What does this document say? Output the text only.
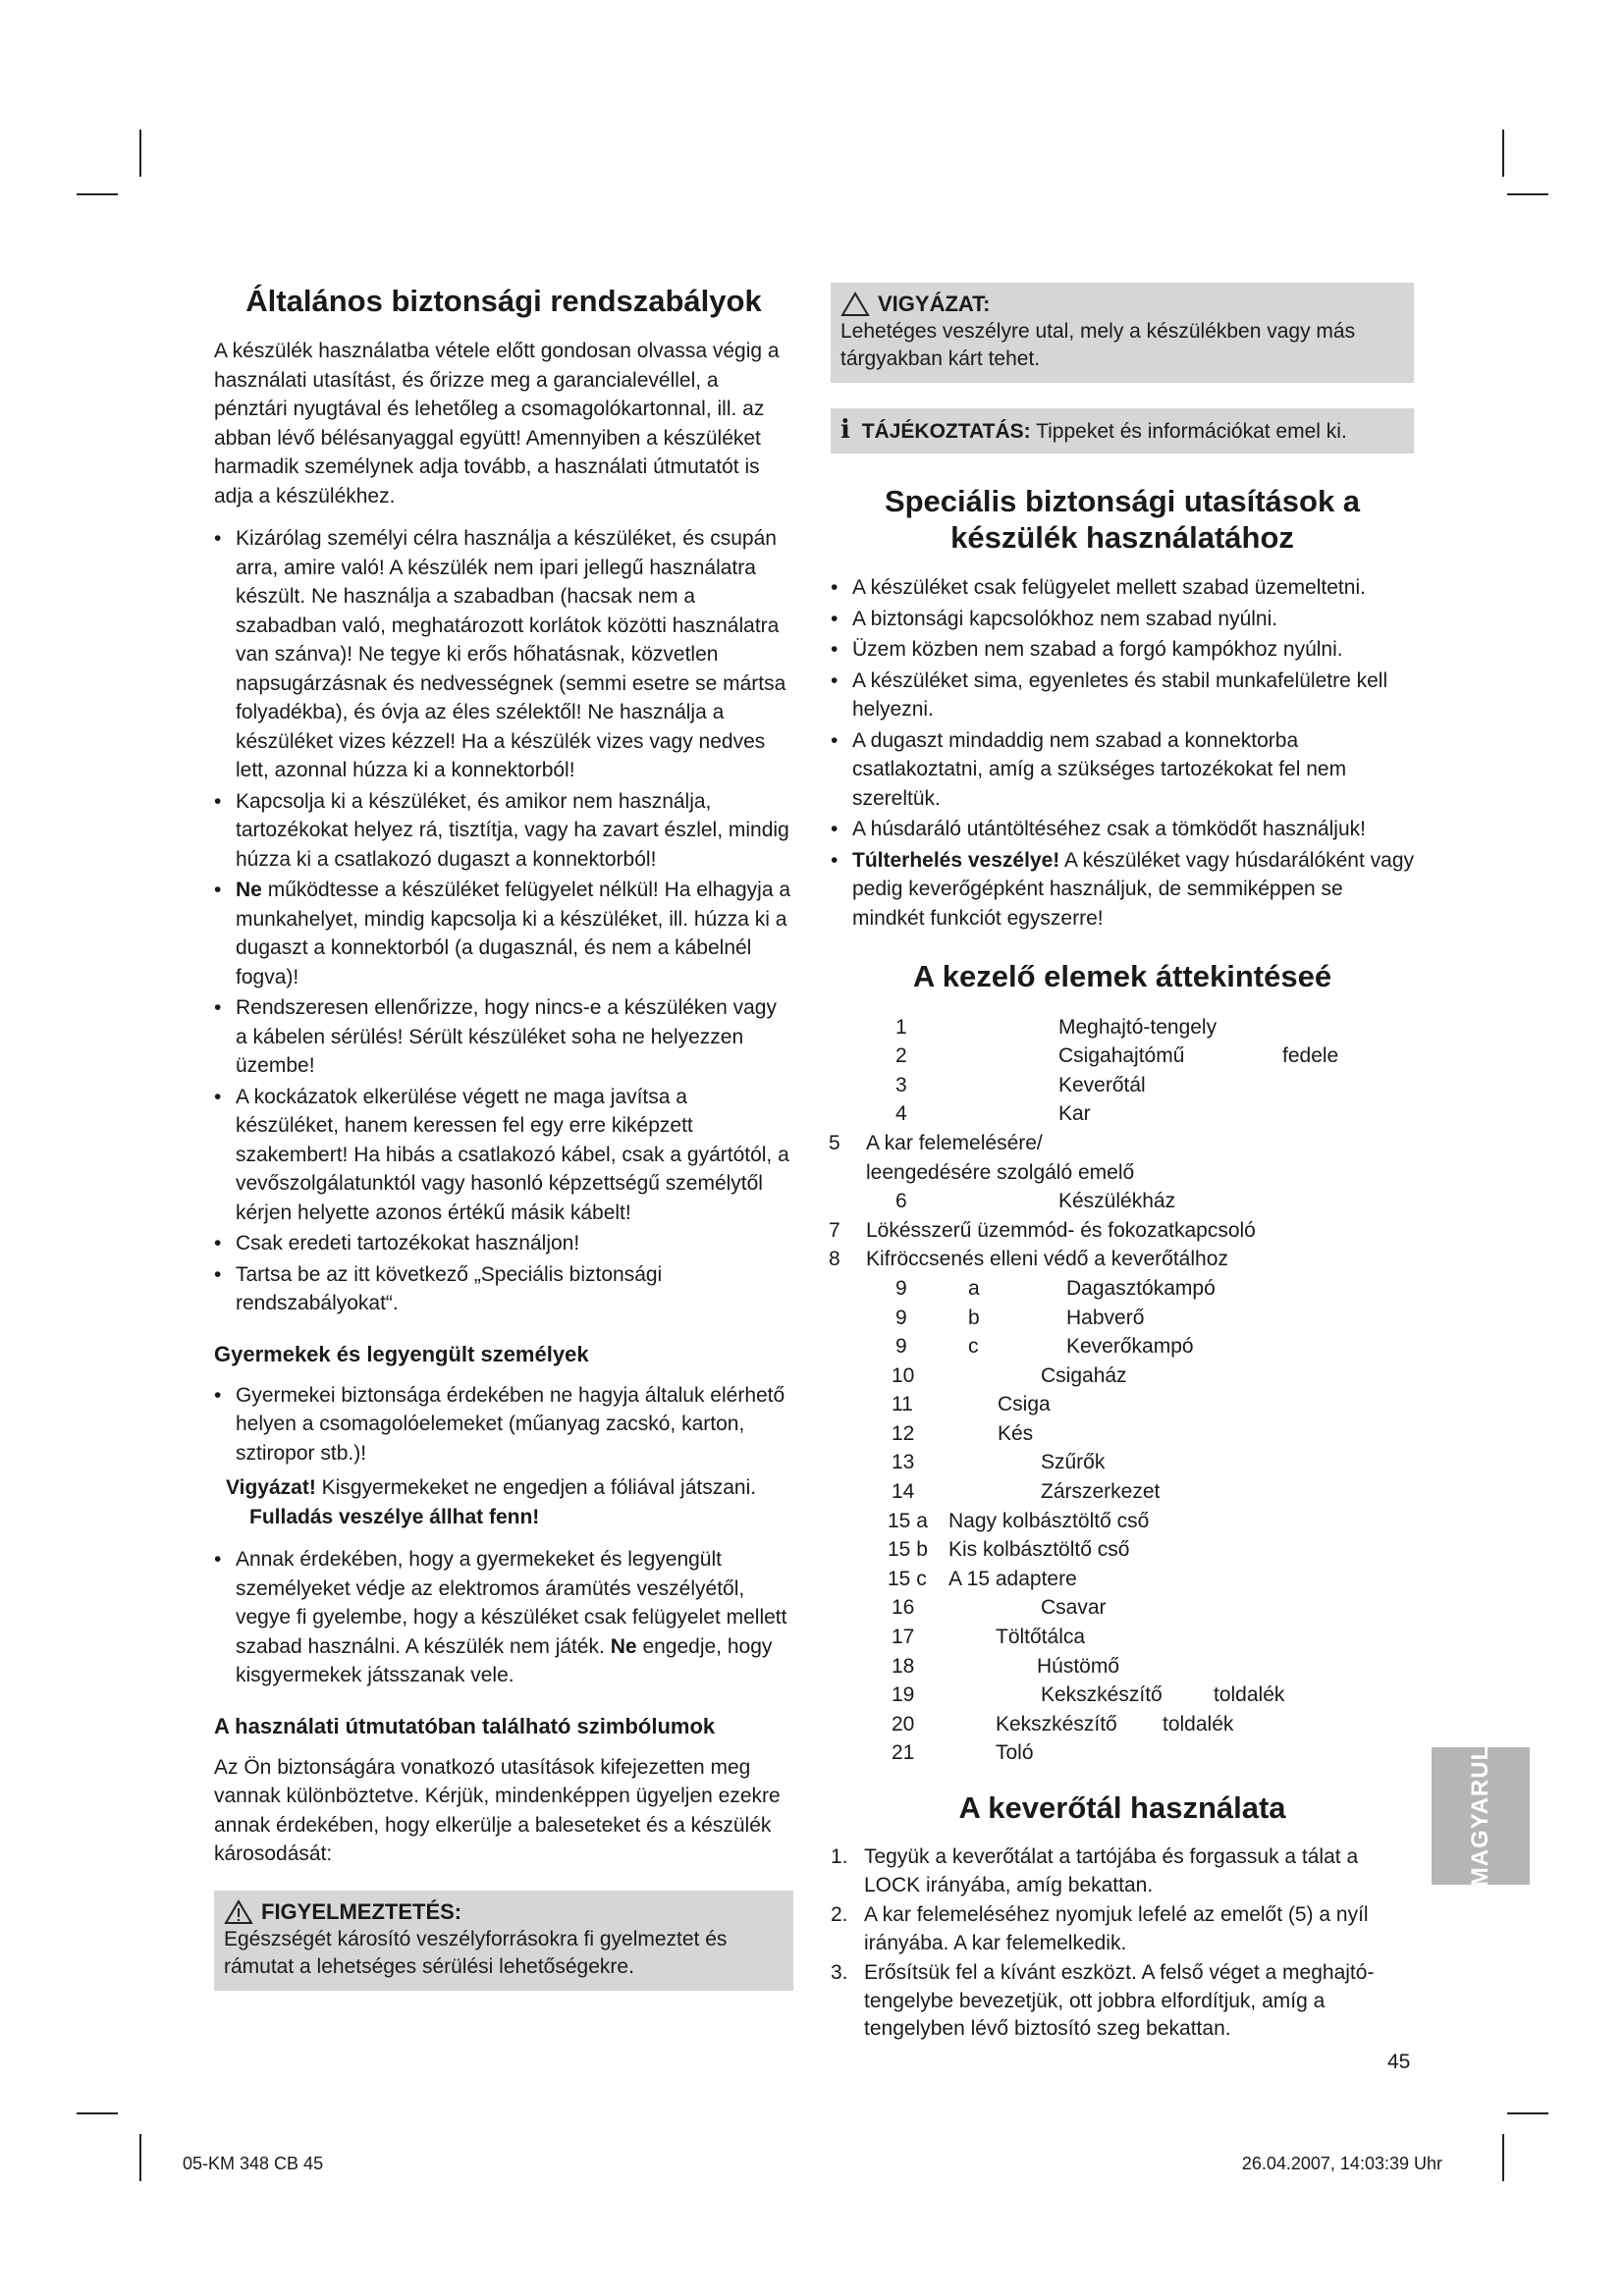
Általános biztonsági rendszabályok

A készülék használatba vétele előtt gondosan olvassa végig a használati utasítást, és őrizze meg a garancialevéllel, a pénztári nyugtával és lehetőleg a csomagolókartonnal, ill. az abban lévő bélésanyaggal együtt! Amennyiben a készüléket harmadik személynek adja tovább, a használati útmutatót is adja a készülékhez.

• Kizárólag személyi célra használja a készüléket, és csupán arra, amire való! A készülék nem ipari jellegű használatra készült. Ne használja a szabadban (hacsak nem a szabadban való, meghatározott korlátok közötti használatra van szánva)! Ne tegye ki erős hőhatásnak, közvetlen napsugárzásnak és nedvességnek (semmi esetre se mártsa folyadékba), és óvja az éles szélektől! Ne használja a készüléket vizes kézzel! Ha a készülék vizes vagy nedves lett, azonnal húzza ki a konnektorból!
• Kapcsolja ki a készüléket, és amikor nem használja, tartozékokat helyez rá, tisztítja, vagy ha zavart észlel, mindig húzza ki a csatlakozó dugaszt a konnektorból!
• Ne működtesse a készüléket felügyelet nélkül! Ha elhagyja a munkahelyet, mindig kapcsolja ki a készüléket, ill. húzza ki a dugaszt a konnektorból (a dugasznál, és nem a kábelnél fogva)!
• Rendszeresen ellenőrizze, hogy nincs-e a készüléken vagy a kábelen sérülés! Sérült készüléket soha ne helyezzen üzembe!
• A kockázatok elkerülése végett ne maga javítsa a készüléket, hanem keressen fel egy erre kiképzett szakembert! Ha hibás a csatlakozó kábel, csak a gyártótól, a vevőszolgálatunktól vagy hasonló képzettségű személytől kérjen helyette azonos értékű másik kábelt!
• Csak eredeti tartozékokat használjon!
• Tartsa be az itt következő „Speciális biztonsági rendszabályokat“.
Gyermekek és legyengült személyek
• Gyermekei biztonsága érdekében ne hagyja általuk elérhető helyen a csomagolóelemeket (műanyag zacskó, karton, sztiropor stb.)!
Vigyázat! Kisgyermekeket ne engedjen a fóliával játszani.
Fulladás veszélye állhat fenn!
• Annak érdekében, hogy a gyermekeket és legyengült személyeket védje az elektromos áramütés veszélyétől, vegye fi gyelembe, hogy a készüléket csak felügyelet mellett szabad használni. A készülék nem játék. Ne engedje, hogy kisgyermekek játsszanak vele.
A használati útmutatóban található szimbólumok

Az Ön biztonságára vonatkozó utasítások kifejezetten meg vannak különböztetve. Kérjük, mindenképpen ügyeljen ezekre annak érdekében, hogy elkerülje a baleseteket és a készülék károsodását:

FIGYELMEZTETÉS:
Egészségét károsító veszélyforrásokra fi gyelmeztet és rámutat a lehetséges sérülési lehetőségekre.
VIGYÁZAT:
Lehetéges veszélyre utal, mely a készülékben vagy más tárgyakban kárt tehet.
i TÁJÉKOZTATÁS: Tippeket és információkat emel ki.
Speciális biztonsági utasítások a készülék használatához
• A készüléket csak felügyelet mellett szabad üzemeltetni.
• A biztonsági kapcsolókhoz nem szabad nyúlni.
• Üzem közben nem szabad a forgó kampókhoz nyúlni.
• A készüléket sima, egyenletes és stabil munkafelületre kell helyezni.
• A dugaszt mindaddig nem szabad a konnektorba csatlakoztatni, amíg a szükséges tartozékokat fel nem szereltük.
• A húsdaráló utántöltéséhez csak a tömködőt használjuk!
• Túlterhelés veszélye! A készüléket vagy húsdarálóként vagy pedig keverőgépként használjuk, de semmiképpen se mindkét funkciót egyszerre!
A kezelő elemek áttekintéseé
1	Meghajtó-tengely
2	Csigahajtómű	fedele
3	Keverőtál
4	Kar
5 A kar felemelésére/
leengedésére szolgáló emelő
6	Készülékház
7 Lökésszerű üzemmód- és fokozatkapcsoló
8 Kifröccsenés elleni védő a keverőtálhoz
9	a	Dagasztókampó
9	b	Habverő
9	c	Keverőkampó
10	Csigaház
11	Csiga
12	Kés
13	Szűrők
14	Zárszerkezet
15 a Nagy kolbásztöltő cső
15 b Kis kolbásztöltő cső
15 c A 15 adaptere
16	Csavar
17	Töltőtálca
18	Hústömő
19	Kekszkészítő toldalék
20	Kekszkészítő toldalék
21	Toló
A keverőtál használata
1. Tegyük a keverőtálat a tartójába és forgassuk a tálat a LOCK irányába, amíg bekattan.
2. A kar felemeléséhez nyomjuk lefelé az emelőt (5) a nyíl irányába. A kar felemelkedik.
3. Erősítsük fel a kívánt eszközt. A felső véget a meghajtó-tengelybe bevezetjük, ott jobbra elfordítjuk, amíg a tengelyben lévő biztosító szeg bekattan.
MAGYARUL
45
05-KM 348 CB 45	26.04.2007, 14:03:39 Uhr
